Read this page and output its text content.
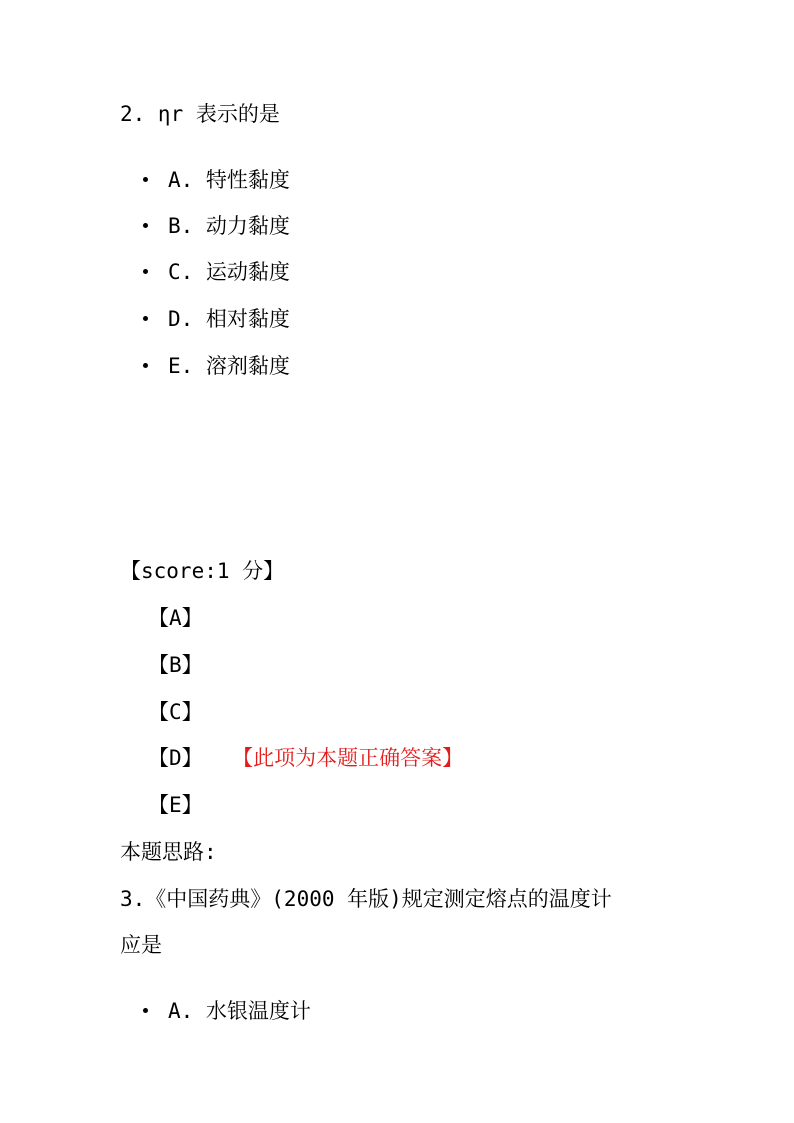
2. ηr 表示的是
A. 特性黏度
B. 动力黏度
C. 运动黏度
D. 相对黏度
E. 溶剂黏度
【score:1 分】
【A】
【B】
【C】
【D】 【此项为本题正确答案】
【E】
本题思路:
3.《中国药典》(2000 年版)规定测定熔点的温度计
应是
A. 水银温度计
